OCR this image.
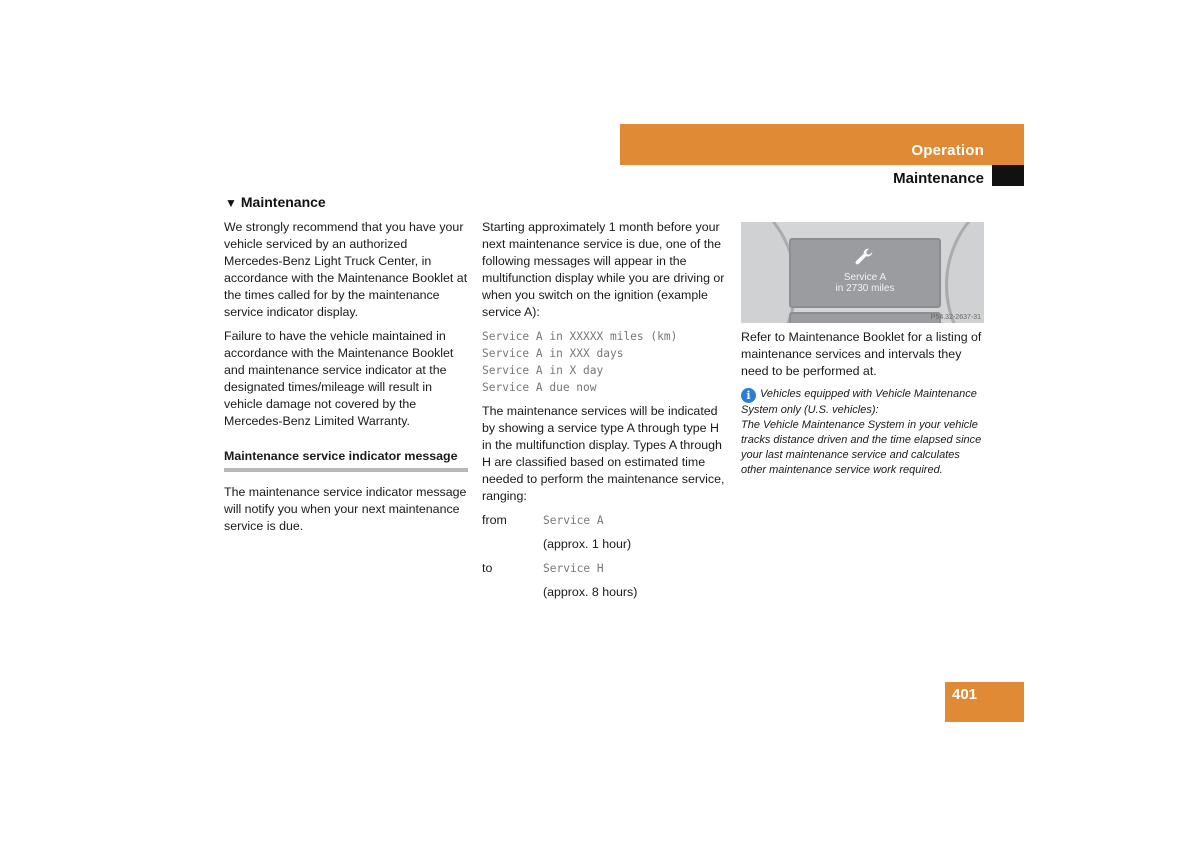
Operation
Maintenance
▼ Maintenance

We strongly recommend that you have your vehicle serviced by an authorized Mercedes-Benz Light Truck Center, in accordance with the Maintenance Booklet at the times called for by the maintenance service indicator display.

Failure to have the vehicle maintained in accordance with the Maintenance Booklet and maintenance service indicator at the designated times/mileage will result in vehicle damage not covered by the Mercedes-Benz Limited Warranty.

Maintenance service indicator message

The maintenance service indicator message will notify you when your next maintenance service is due.

Starting approximately 1 month before your next maintenance service is due, one of the following messages will appear in the multifunction display while you are driving or when you switch on the ignition (example service A):

Service A in XXXXX miles (km)
Service A in XXX days
Service A in X day
Service A due now

The maintenance services will be indicated by showing a service type A through type H in the multifunction display. Types A through H are classified based on estimated time needed to perform the maintenance service, ranging:

from	Service A
(approx. 1 hour)
to	Service H
(approx. 8 hours)
Service A
in 2730 miles
P54.32-2637-31

Refer to Maintenance Booklet for a listing of maintenance services and intervals they need to be performed at.

i Vehicles equipped with Vehicle Maintenance System only (U.S. vehicles):
The Vehicle Maintenance System in your vehicle tracks distance driven and the time elapsed since your last maintenance service and calculates other maintenance service work required.
401
